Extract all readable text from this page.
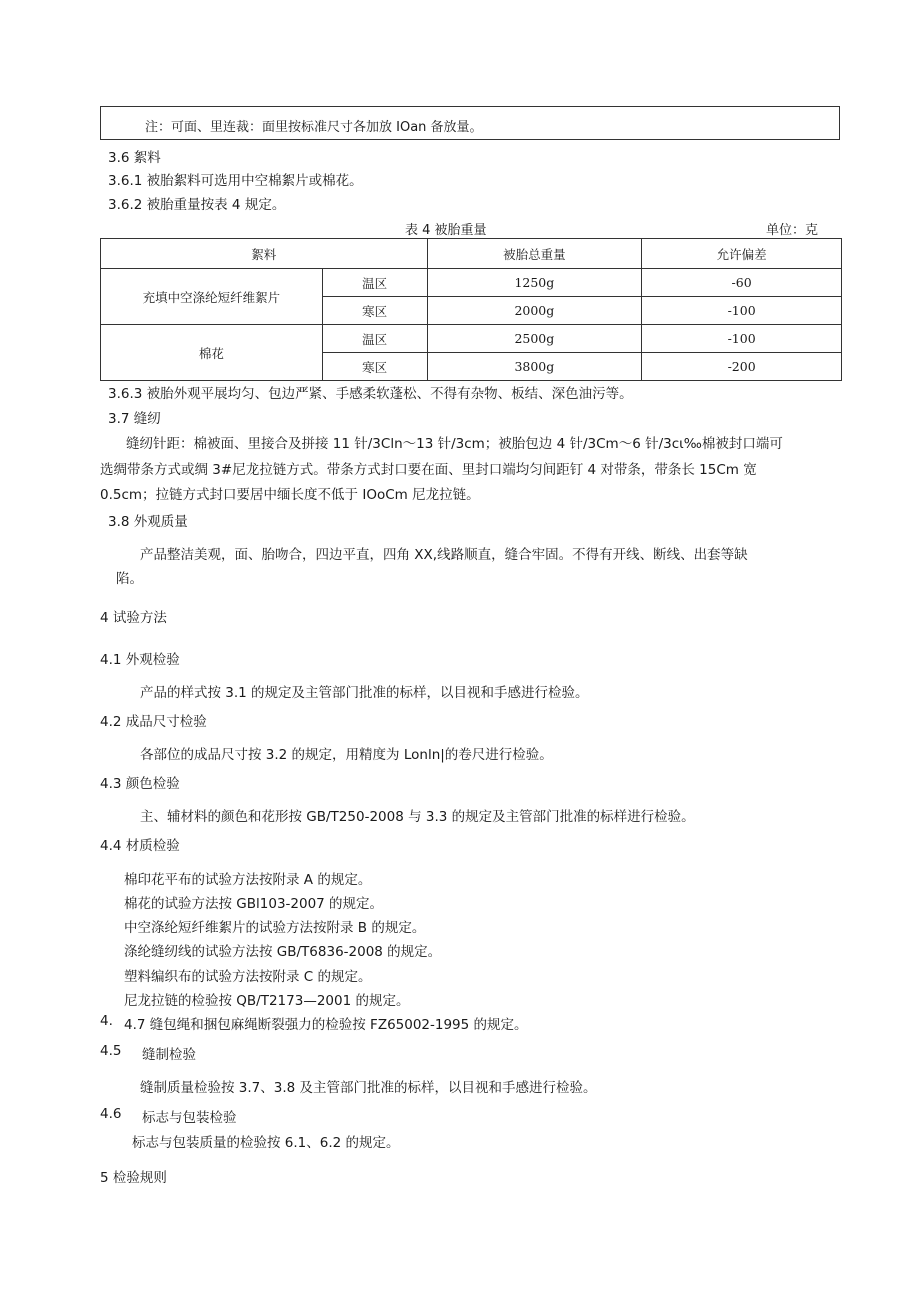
注：可面、里连裁：面里按标准尺寸各加放 IOan 备放量。
3.6 絮料
3.6.1 被胎絮料可选用中空棉絮片或棉花。
3.6.2 被胎重量按表 4 规定。
表 4 被胎重量	单位：克
絮料		被胎总重量	允许偏差
充填中空涤纶短纤维絮片	温区	1250g	-60
	寒区	2000g	-100
棉花	温区	2500g	-100
	寒区	3800g	-200
3.6.3 被胎外观平展均匀、包边严紧、手感柔软蓬松、不得有杂物、板结、深色油污等。
3.7 缝纫
缝纫针距：棉被面、里接合及拼接 11 针/3Cln～13 针/3cm；被胎包边 4 针/3Cm～6 针/3cι‰棉被封口端可
选绸带条方式或绸 3#尼龙拉链方式。带条方式封口要在面、里封口端均匀间距钉 4 对带条，带条长 15Cm 宽
0.5cm；拉链方式封口要居中缅长度不低于 IOoCm 尼龙拉链。
3.8 外观质量
产品整洁美观，面、胎吻合，四边平直，四角 XX,线路顺直，缝合牢固。不得有开线、断线、出套等缺
陷。
4 试验方法
4.1 外观检验
产品的样式按 3.1 的规定及主管部门批准的标样，以目视和手感进行检验。
4.2 成品尺寸检验
各部位的成品尺寸按 3.2 的规定，用精度为 Lonln|的卷尺进行检验。
4.3 颜色检验
主、辅材料的颜色和花形按 GB/T250-2008 与 3.3 的规定及主管部门批准的标样进行检验。
4.4 材质检验
棉印花平布的试验方法按附录 A 的规定。
棉花的试验方法按 GBl103-2007 的规定。
中空涤纶短纤维絮片的试验方法按附录 B 的规定。
涤纶缝纫线的试验方法按 GB/T6836-2008 的规定。
塑料编织布的试验方法按附录 C 的规定。
尼龙拉链的检验按 QB/T2173—2001 的规定。
4. 4.7 缝包绳和捆包麻绳断裂强力的检验按 FZ65002-1995 的规定。
4.5 缝制检验
缝制质量检验按 3.7、3.8 及主管部门批准的标样，以目视和手感进行检验。
4.6 标志与包装检验
标志与包装质量的检验按 6.1、6.2 的规定。
5 检验规则
